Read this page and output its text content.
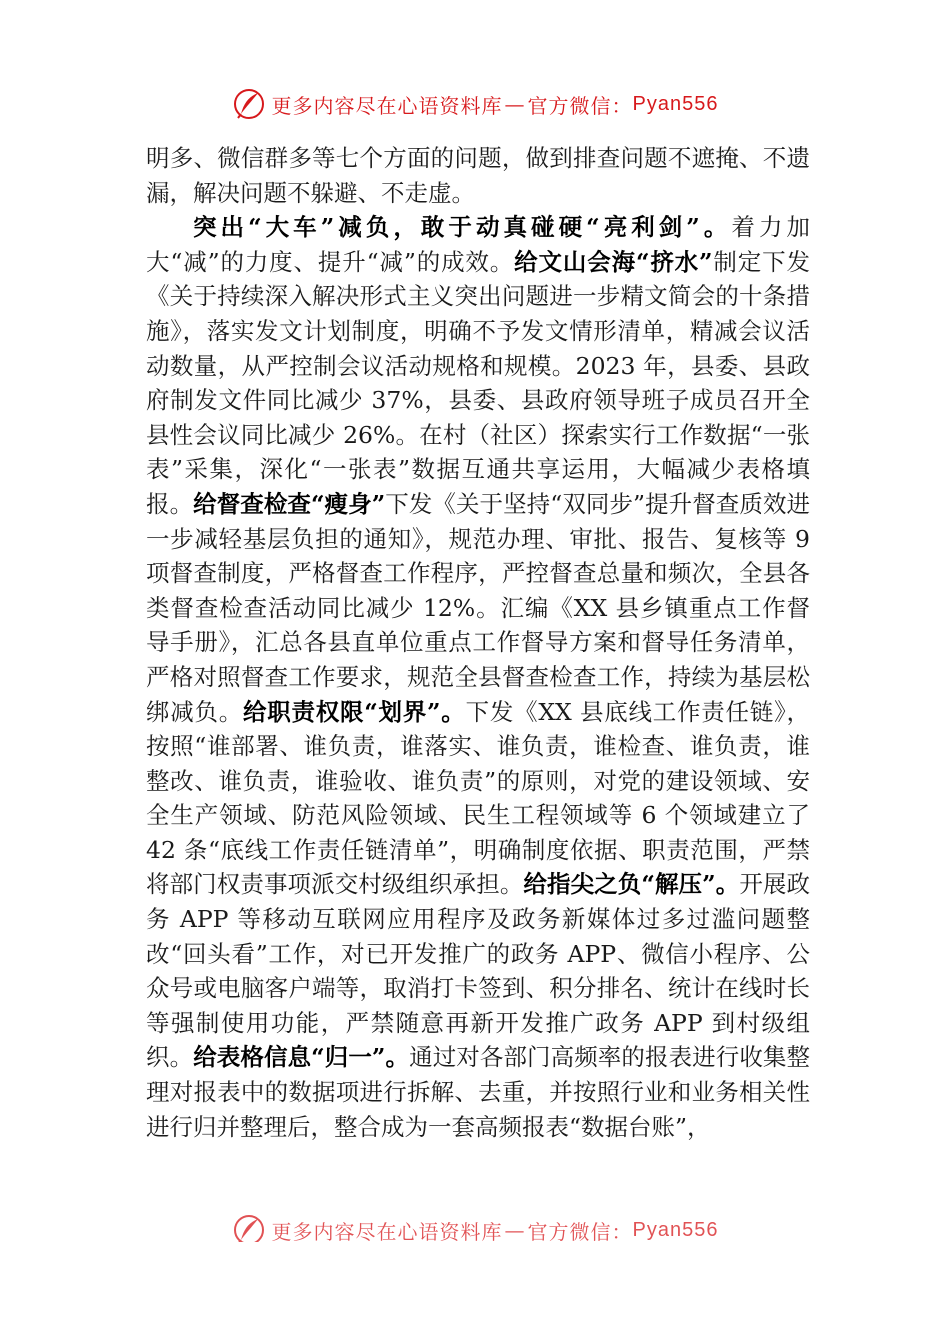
更多内容尽在心语资料库 — 官方微信： Pyan556

明多、微信群多等七个方面的问题，做到排查问题不遮掩、不遗漏，解决问题不躲避、不走虚。

突出“大车”减负，敢于动真碰硬“亮利剑”。着力加大“减”的力度、提升“减”的成效。给文山会海“挤水”制定下发《关于持续深入解决形式主义突出问题进一步精文简会的十条措施》，落实发文计划制度，明确不予发文情形清单，精减会议活动数量，从严控制会议活动规格和规模。2023 年，县委、县政府制发文件同比减少 37%，县委、县政府领导班子成员召开全县性会议同比减少 26%。在村（社区）探索实行工作数据“一张表”采集，深化“一张表”数据互通共享运用，大幅减少表格填报。给督查检查“瘦身”下发《关于坚持“双同步”提升督查质效进一步减轻基层负担的通知》，规范办理、审批、报告、复核等 9 项督查制度，严格督查工作程序，严控督查总量和频次，全县各类督查检查活动同比减少 12%。汇编《XX 县乡镇重点工作督导手册》，汇总各县直单位重点工作督导方案和督导任务清单，严格对照督查工作要求，规范全县督查检查工作，持续为基层松绑减负。给职责权限“划界”。下发《XX 县底线工作责任链》，按照“谁部署、谁负责，谁落实、谁负责，谁检查、谁负责，谁整改、谁负责，谁验收、谁负责”的原则，对党的建设领域、安全生产领域、防范风险领域、民生工程领域等 6 个领域建立了 42 条“底线工作责任链清单”，明确制度依据、职责范围，严禁将部门权责事项派交村级组织承担。给指尖之负“解压”。开展政务 APP 等移动互联网应用程序及政务新媒体过多过滥问题整改“回头看”工作，对已开发推广的政务 APP、微信小程序、公众号或电脑客户端等，取消打卡签到、积分排名、统计在线时长等强制使用功能，严禁随意再新开发推广政务 APP 到村级组织。给表格信息“归一”。通过对各部门高频率的报表进行收集整理对报表中的数据项进行拆解、去重，并按照行业和业务相关性进行归并整理后，整合成为一套高频报表“数据台账”，

更多内容尽在心语资料库 — 官方微信： Pyan556
